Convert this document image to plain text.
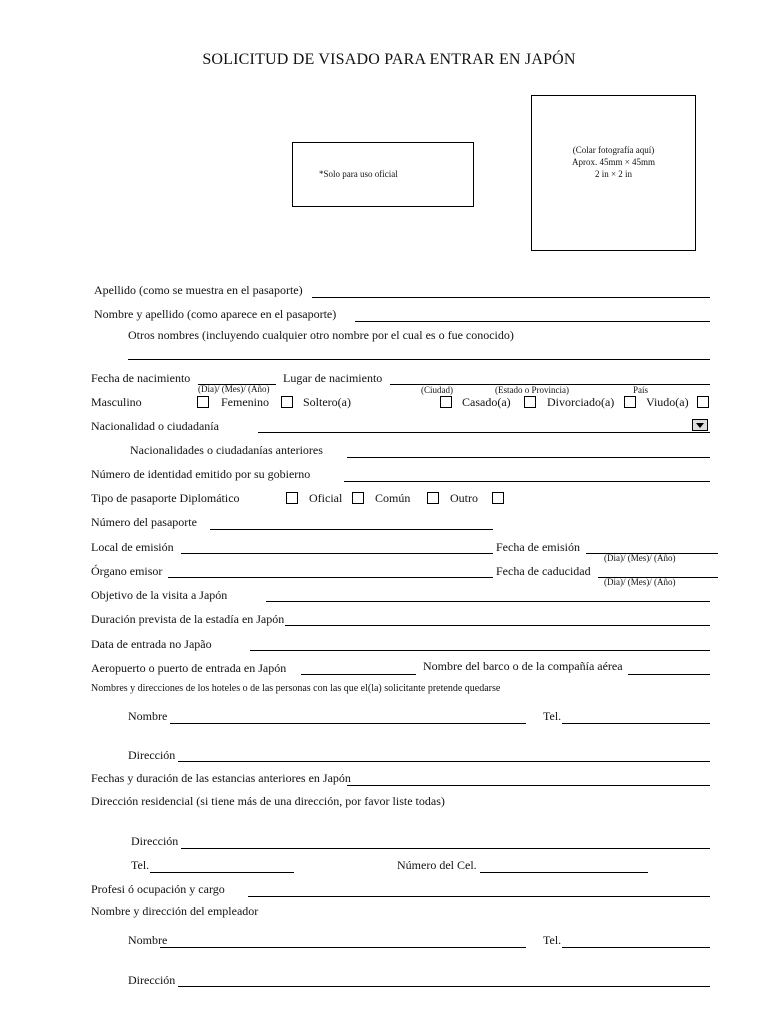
SOLICITUD DE VISADO PARA ENTRAR EN JAPÓN
*Solo para uso oficial
(Colar fotografía aquí)
Aprox. 45mm × 45mm
2 in × 2 in
Apellido (como se muestra en el pasaporte)
Nombre y apellido (como aparece en el pasaporte)
Otros nombres (incluyendo cualquier otro nombre por el cual es o fue conocido)
Fecha de nacimiento	Lugar de nacimiento
(Dia)/ (Mes)/ (Año)	(Ciudad)	(Estado o Provincia)	País
Masculino	Femenino	Soltero(a)	Casado(a)	Divorciado(a)	Viudo(a)
Nacionalidad o ciudadanía
Nacionalidades o ciudadanías anteriores
Número de identidad emitido por su gobierno
Tipo de pasaporte Diplomático	Oficial	Común	Outro
Número del pasaporte
Local de emisión	Fecha de emisión
(Dia)/ (Mes)/ (Año)
Órgano emisor	Fecha de caducidad
(Dia)/ (Mes)/ (Año)
Objetivo de la visita a Japón
Duración prevista de la estadía en Japón
Data de entrada no Japão
Aeropuerto o puerto de entrada en Japón	Nombre del barco o de la compañía aérea
Nombres y direcciones de los hoteles o de las personas con las que el(la) solicitante pretende quedarse
Nombre	Tel.
Dirección
Fechas y duración de las estancias anteriores en Japón
Dirección residencial (si tiene más de una dirección, por favor liste todas)
Dirección
Tel.	Número del Cel.
Profesi ó ocupación y cargo
Nombre y dirección del empleador
Nombre	Tel.
Dirección
